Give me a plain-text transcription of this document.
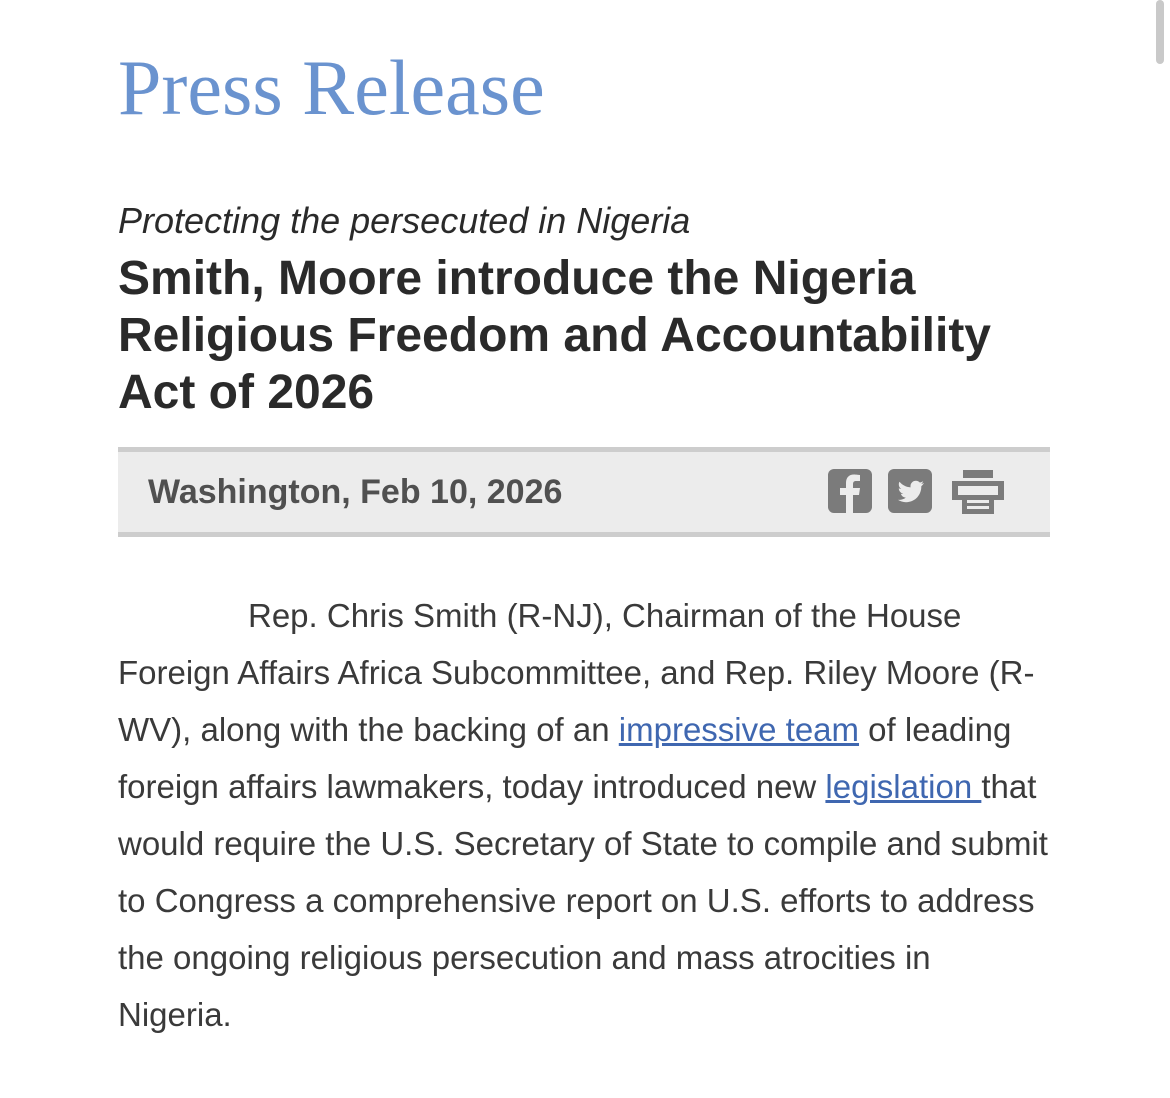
Press Release
Protecting the persecuted in Nigeria
Smith, Moore introduce the Nigeria Religious Freedom and Accountability Act of 2026
Washington, Feb 10, 2026

Rep. Chris Smith (R-NJ), Chairman of the House Foreign Affairs Africa Subcommittee, and Rep. Riley Moore (R-WV), along with the backing of an impressive team of leading foreign affairs lawmakers, today introduced new legislation that would require the U.S. Secretary of State to compile and submit to Congress a comprehensive report on U.S. efforts to address the ongoing religious persecution and mass atrocities in Nigeria.
